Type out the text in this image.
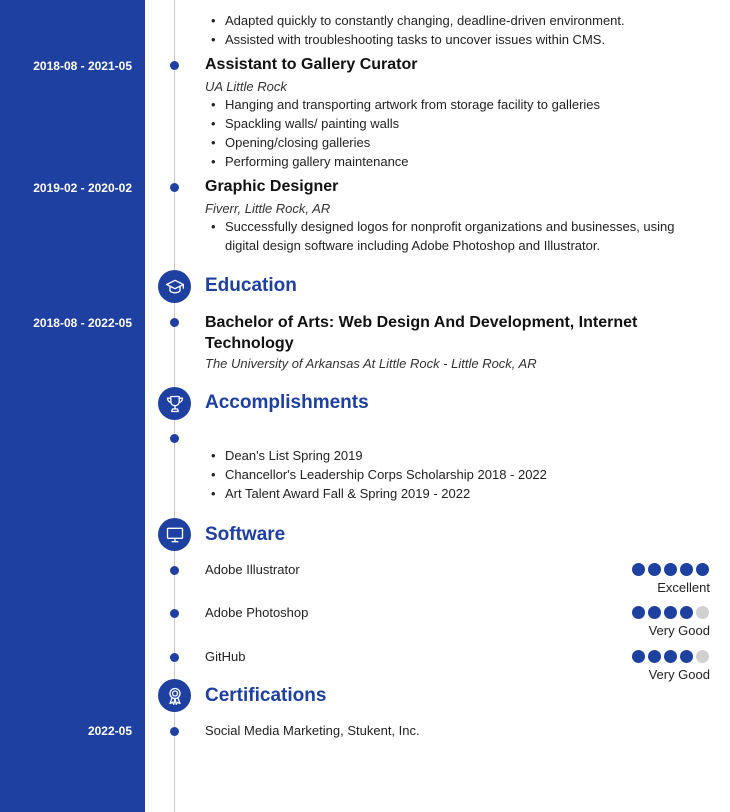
• Adapted quickly to constantly changing, deadline-driven environment.
• Assisted with troubleshooting tasks to uncover issues within CMS.
2018-08 - 2021-05	Assistant to Gallery Curator
UA Little Rock
• Hanging and transporting artwork from storage facility to galleries
• Spackling walls/ painting walls
• Opening/closing galleries
• Performing gallery maintenance
2019-02 - 2020-02	Graphic Designer
Fiverr, Little Rock, AR
• Successfully designed logos for nonprofit organizations and businesses, using digital design software including Adobe Photoshop and Illustrator.
Education
2018-08 - 2022-05	Bachelor of Arts: Web Design And Development, Internet Technology
The University of Arkansas At Little Rock - Little Rock, AR
Accomplishments
• Dean's List Spring 2019
• Chancellor's Leadership Corps Scholarship 2018 - 2022
• Art Talent Award Fall & Spring 2019 - 2022
Software
Adobe Illustrator
Excellent
Adobe Photoshop
Very Good
GitHub
Very Good
Certifications
2022-05	Social Media Marketing, Stukent, Inc.
